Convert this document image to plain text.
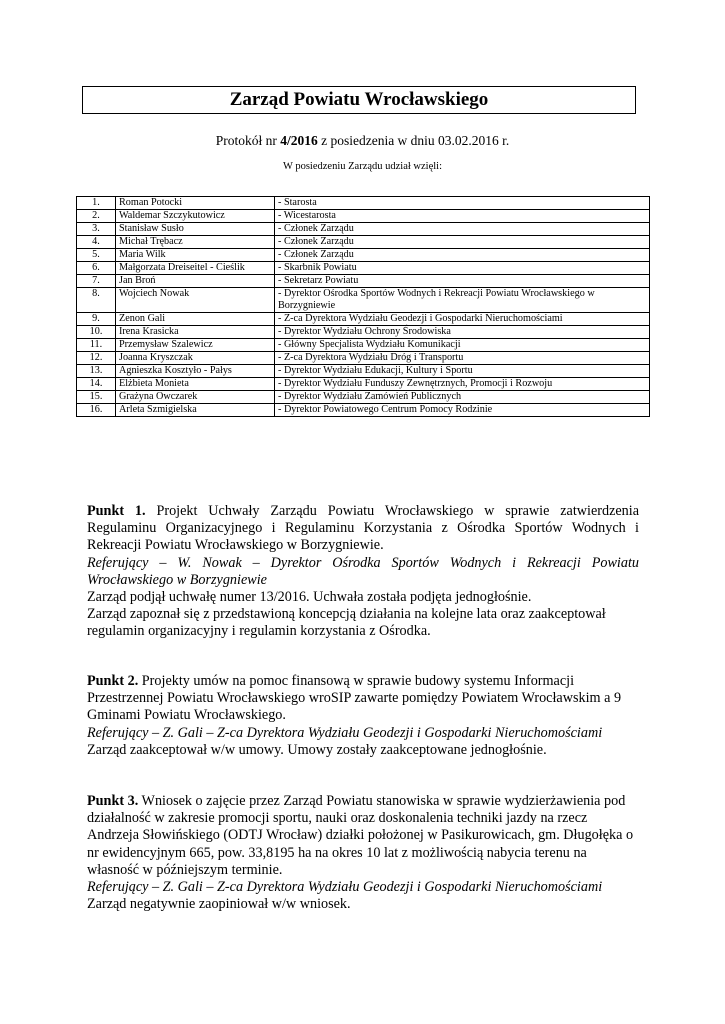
Zarząd Powiatu Wrocławskiego
Protokół nr 4/2016 z posiedzenia w dniu 03.02.2016 r.
W posiedzeniu Zarządu udział wzięli:
1.	Roman Potocki	- Starosta
2.	Waldemar Szczykutowicz	- Wicestarosta
3.	Stanisław Susło	- Członek Zarządu
4.	Michał Trębacz	- Członek Zarządu
5.	Maria Wilk	- Członek Zarządu
6.	Małgorzata Dreiseitel - Cieślik	- Skarbnik Powiatu
7.	Jan Broń	- Sekretarz Powiatu
8.	Wojciech Nowak	- Dyrektor Ośrodka Sportów Wodnych i Rekreacji Powiatu Wrocławskiego w Borzygniewie
9.	Zenon Gali	- Z-ca Dyrektora Wydziału Geodezji i Gospodarki Nieruchomościami
10.	Irena Krasicka	- Dyrektor Wydziału Ochrony Środowiska
11.	Przemysław Szalewicz	- Główny Specjalista Wydziału Komunikacji
12.	Joanna Kryszczak	- Z-ca Dyrektora Wydziału Dróg i Transportu
13.	Agnieszka Kosztyło - Pałys	- Dyrektor Wydziału Edukacji, Kultury i Sportu
14.	Elżbieta Monieta	- Dyrektor Wydziału Funduszy Zewnętrznych, Promocji i Rozwoju
15.	Grażyna Owczarek	- Dyrektor Wydziału Zamówień Publicznych
16.	Arleta Szmigielska	- Dyrektor Powiatowego Centrum Pomocy Rodzinie

Punkt 1. Projekt Uchwały Zarządu Powiatu Wrocławskiego w sprawie zatwierdzenia Regulaminu Organizacyjnego i Regulaminu Korzystania z Ośrodka Sportów Wodnych i Rekreacji Powiatu Wrocławskiego w Borzygniewie.

Referujący – W. Nowak – Dyrektor Ośrodka Sportów Wodnych i Rekreacji Powiatu Wrocławskiego w Borzygniewie

Zarząd podjął uchwałę numer 13/2016. Uchwała została podjęta jednogłośnie.

Zarząd zapoznał się z przedstawioną koncepcją działania na kolejne lata oraz zaakceptował regulamin organizacyjny i regulamin korzystania z Ośrodka.

Punkt 2. Projekty umów na pomoc finansową w sprawie budowy systemu Informacji Przestrzennej Powiatu Wrocławskiego wroSIP zawarte pomiędzy Powiatem Wrocławskim a 9 Gminami Powiatu Wrocławskiego.

Referujący – Z. Gali – Z-ca Dyrektora Wydziału Geodezji i Gospodarki Nieruchomościami

Zarząd zaakceptował w/w umowy. Umowy zostały zaakceptowane jednogłośnie.

Punkt 3. Wniosek o zajęcie przez Zarząd Powiatu stanowiska w sprawie wydzierżawienia pod działalność w zakresie promocji sportu, nauki oraz doskonalenia techniki jazdy na rzecz Andrzeja Słowińskiego (ODTJ Wrocław) działki położonej w Pasikurowicach, gm. Długołęka o nr ewidencyjnym 665, pow. 33,8195 ha na okres 10 lat z możliwością nabycia terenu na własność w późniejszym terminie.

Referujący – Z. Gali – Z-ca Dyrektora Wydziału Geodezji i Gospodarki Nieruchomościami

Zarząd negatywnie zaopiniował w/w wniosek.
